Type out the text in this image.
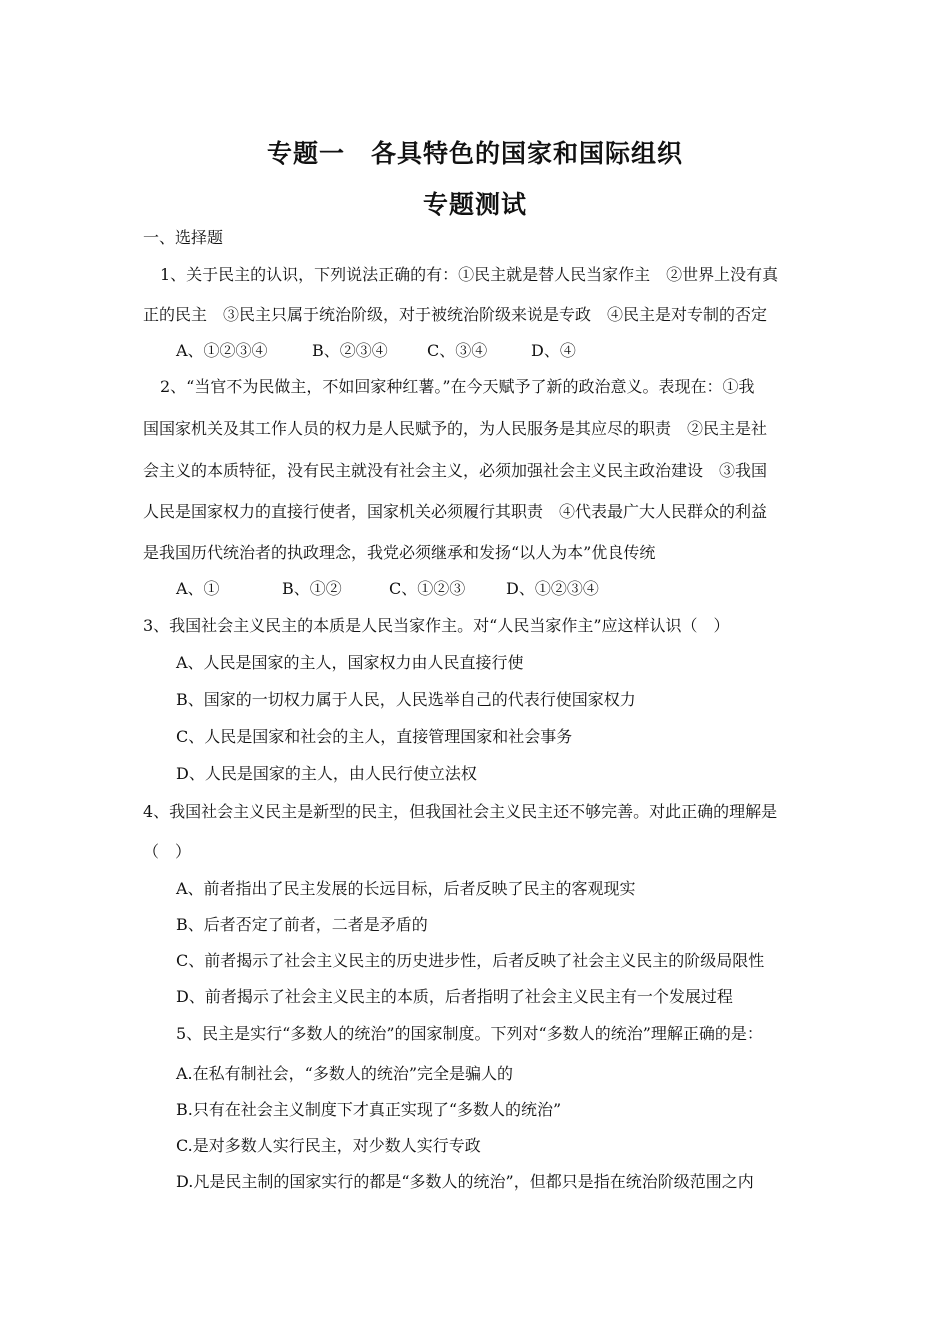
专题一　各具特色的国家和国际组织
专题测试
一、选择题
1、关于民主的认识，下列说法正确的有：①民主就是替人民当家作主　②世界上没有真
正的民主　③民主只属于统治阶级，对于被统治阶级来说是专政　④民主是对专制的否定
A、①②③④	B、②③④ C、③④	D、④
2、“当官不为民做主，不如回家种红薯。”在今天赋予了新的政治意义。表现在：①我
国国家机关及其工作人员的权力是人民赋予的，为人民服务是其应尽的职责　②民主是社
会主义的本质特征，没有民主就没有社会主义，必须加强社会主义民主政治建设　③我国
人民是国家权力的直接行使者，国家机关必须履行其职责　④代表最广大人民群众的利益
是我国历代统治者的执政理念，我党必须继承和发扬“以人为本”优良传统
A、①	B、①②	C、①②③	D、①②③④
3、我国社会主义民主的本质是人民当家作主。对“人民当家作主”应这样认识（　）
A、人民是国家的主人，国家权力由人民直接行使
B、国家的一切权力属于人民，人民选举自己的代表行使国家权力
C、人民是国家和社会的主人，直接管理国家和社会事务
D、人民是国家的主人，由人民行使立法权
4、我国社会主义民主是新型的民主，但我国社会主义民主还不够完善。对此正确的理解是
（　）
A、前者指出了民主发展的长远目标，后者反映了民主的客观现实
B、后者否定了前者，二者是矛盾的
C、前者揭示了社会主义民主的历史进步性，后者反映了社会主义民主的阶级局限性
D、前者揭示了社会主义民主的本质，后者指明了社会主义民主有一个发展过程
5、民主是实行“多数人的统治”的国家制度。下列对“多数人的统治”理解正确的是：
A.在私有制社会，“多数人的统治”完全是骗人的
B.只有在社会主义制度下才真正实现了“多数人的统治”
C.是对多数人实行民主，对少数人实行专政
D.凡是民主制的国家实行的都是“多数人的统治”，但都只是指在统治阶级范围之内
